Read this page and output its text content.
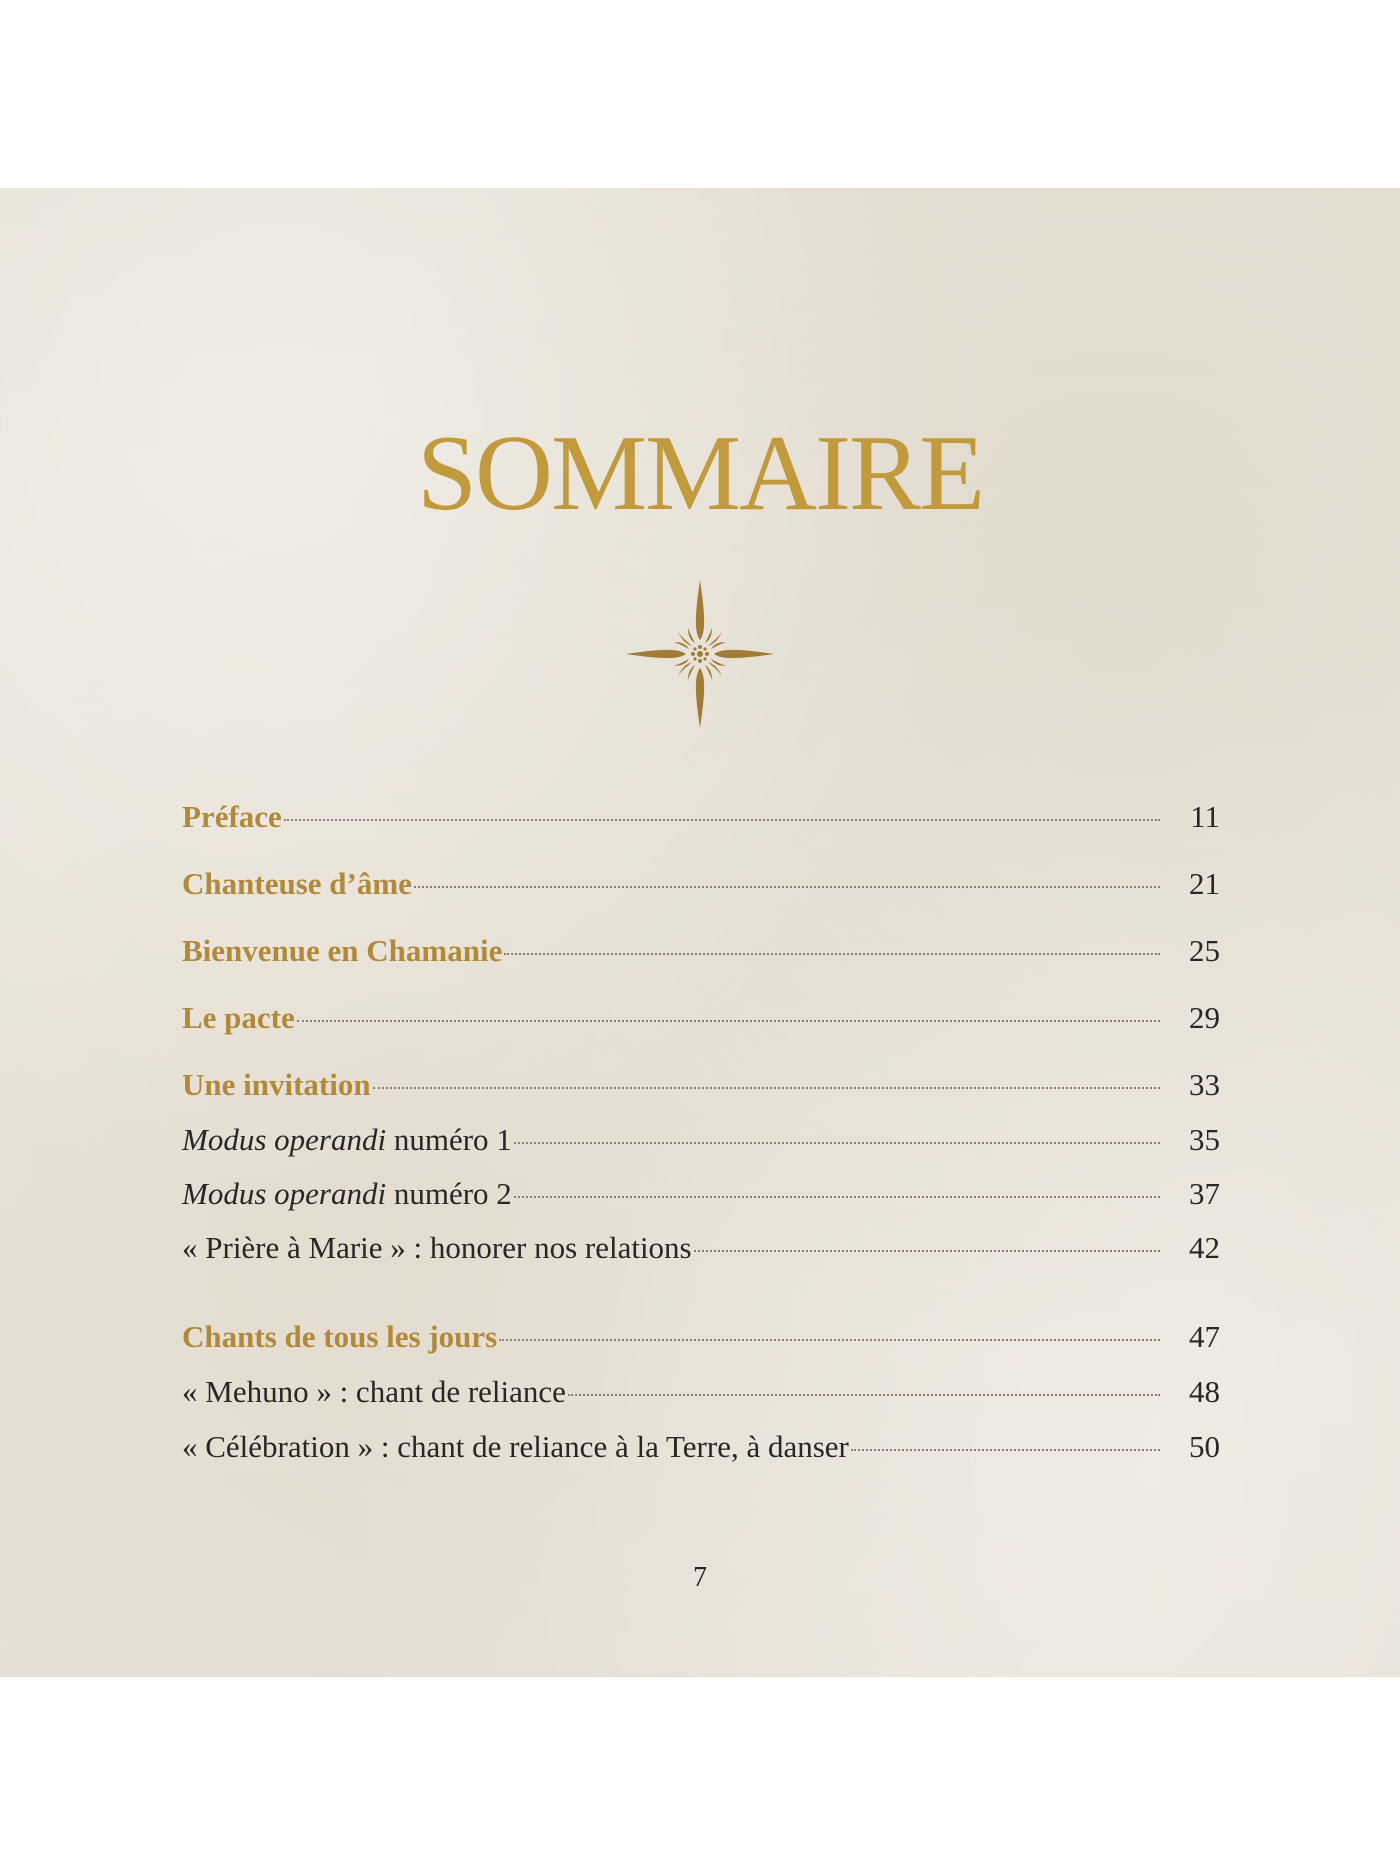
SOMMAIRE
Préface	11
Chanteuse d’âme	21
Bienvenue en Chamanie	25
Le pacte	29
Une invitation	33
Modus operandi numéro 1	35
Modus operandi numéro 2	37
« Prière à Marie » : honorer nos relations	42
Chants de tous les jours	47
« Mehuno » : chant de reliance	48
« Célébration » : chant de reliance à la Terre, à danser	50
7
